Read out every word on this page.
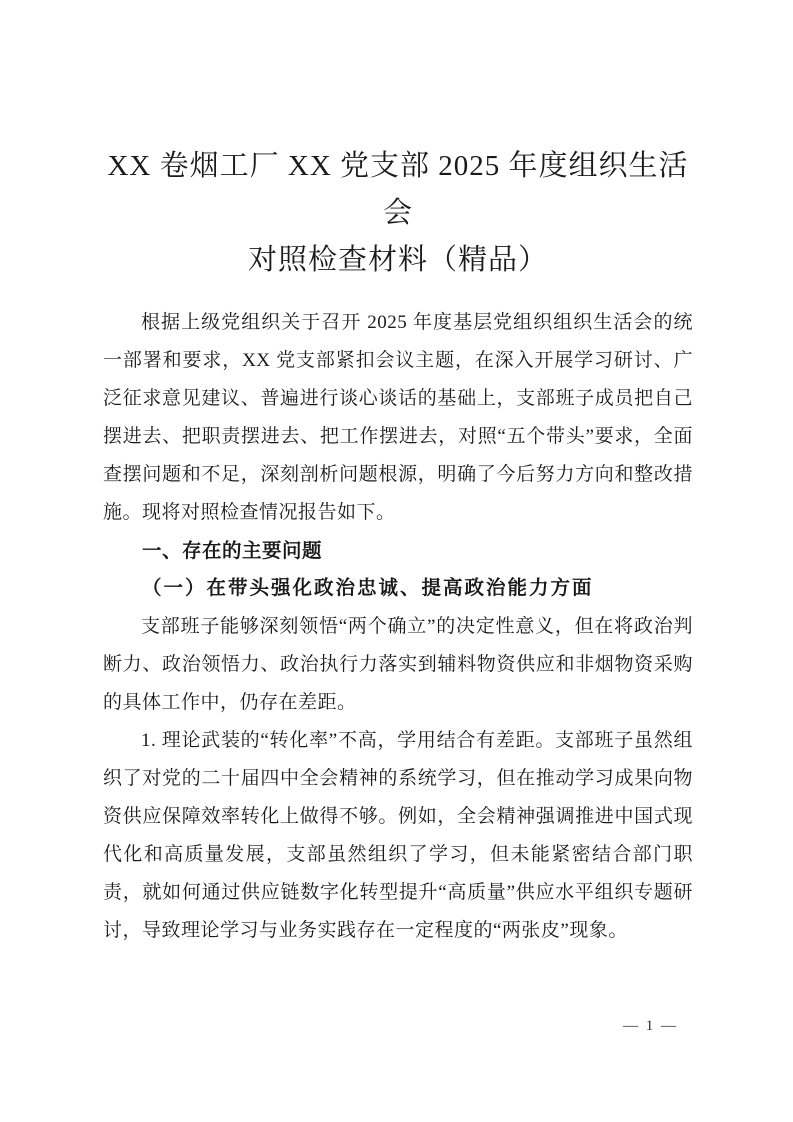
XX 卷烟工厂 XX 党支部 2025 年度组织生活会
对照检查材料（精品）

根据上级党组织关于召开 2025 年度基层党组织组织生活会的统一部署和要求，XX 党支部紧扣会议主题，在深入开展学习研讨、广泛征求意见建议、普遍进行谈心谈话的基础上，支部班子成员把自己摆进去、把职责摆进去、把工作摆进去，对照“五个带头”要求，全面查摆问题和不足，深刻剖析问题根源，明确了今后努力方向和整改措施。现将对照检查情况报告如下。

一、存在的主要问题
（一）在带头强化政治忠诚、提高政治能力方面

支部班子能够深刻领悟“两个确立”的决定性意义，但在将政治判断力、政治领悟力、政治执行力落实到辅料物资供应和非烟物资采购的具体工作中，仍存在差距。

1. 理论武装的“转化率”不高，学用结合有差距。支部班子虽然组织了对党的二十届四中全会精神的系统学习，但在推动学习成果向物资供应保障效率转化上做得不够。例如，全会精神强调推进中国式现代化和高质量发展，支部虽然组织了学习，但未能紧密结合部门职责，就如何通过供应链数字化转型提升“高质量”供应水平组织专题研讨，导致理论学习与业务实践存在一定程度的“两张皮”现象。

— 1 —
